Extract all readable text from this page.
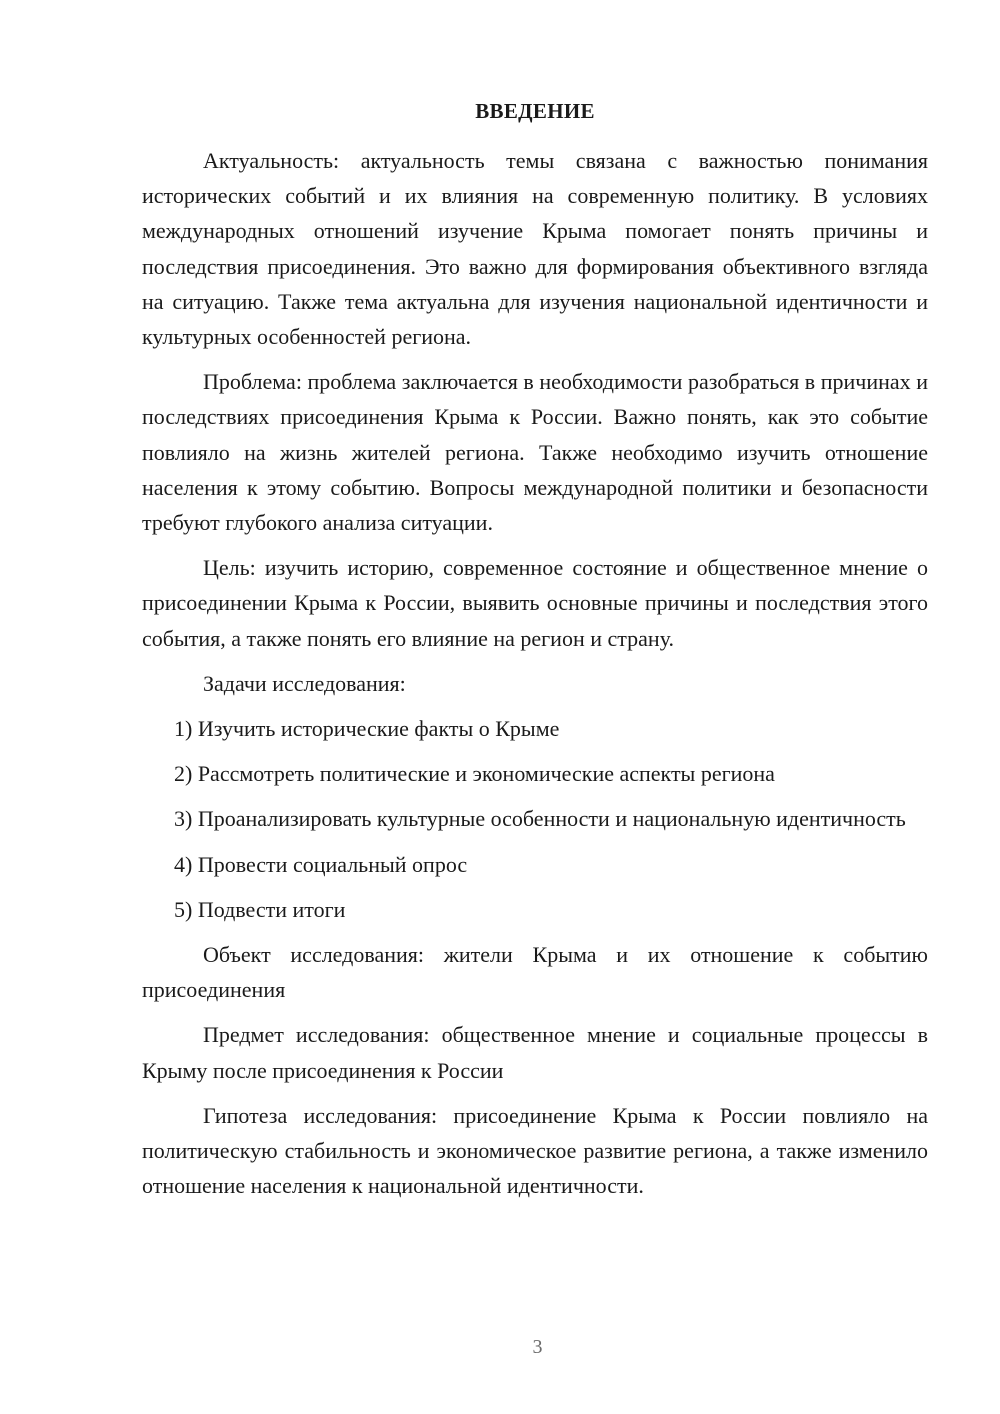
ВВЕДЕНИЕ

Актуальность: актуальность темы связана с важностью понимания исторических событий и их влияния на современную политику. В условиях международных отношений изучение Крыма помогает понять причины и последствия присоединения. Это важно для формирования объективного взгляда на ситуацию. Также тема актуальна для изучения национальной идентичности и культурных особенностей региона.

Проблема: проблема заключается в необходимости разобраться в причинах и последствиях присоединения Крыма к России. Важно понять, как это событие повлияло на жизнь жителей региона. Также необходимо изучить отношение населения к этому событию. Вопросы международной политики и безопасности требуют глубокого анализа ситуации.

Цель: изучить историю, современное состояние и общественное мнение о присоединении Крыма к России, выявить основные причины и последствия этого события, а также понять его влияние на регион и страну.

Задачи исследования:

1) Изучить исторические факты о Крыме

2) Рассмотреть политические и экономические аспекты региона

3) Проанализировать культурные особенности и национальную идентичность

4) Провести социальный опрос

5) Подвести итоги

Объект исследования: жители Крыма и их отношение к событию присоединения

Предмет исследования: общественное мнение и социальные процессы в Крыму после присоединения к России

Гипотеза исследования: присоединение Крыма к России повлияло на политическую стабильность и экономическое развитие региона, а также изменило отношение населения к национальной идентичности.

3
